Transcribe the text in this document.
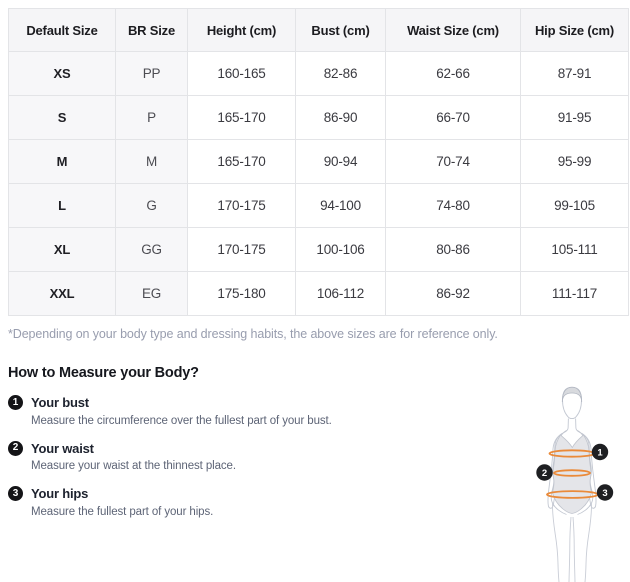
Default Size	BR Size	Height (cm)	Bust (cm)	Waist Size (cm)	Hip Size (cm)
XS	PP	160-165	82-86	62-66	87-91
S	P	165-170	86-90	66-70	91-95
M	M	165-170	90-94	70-74	95-99
L	G	170-175	94-100	74-80	99-105
XL	GG	170-175	100-106	80-86	105-111
XXL	EG	175-180	106-112	86-92	111-117

*Depending on your body type and dressing habits, the above sizes are for reference only.

How to Measure your Body?
1 Your bust
Measure the circumference over the fullest part of your bust.
2 Your waist
Measure your waist at the thinnest place.
3 Your hips
Measure the fullest part of your hips.
1
2
3
